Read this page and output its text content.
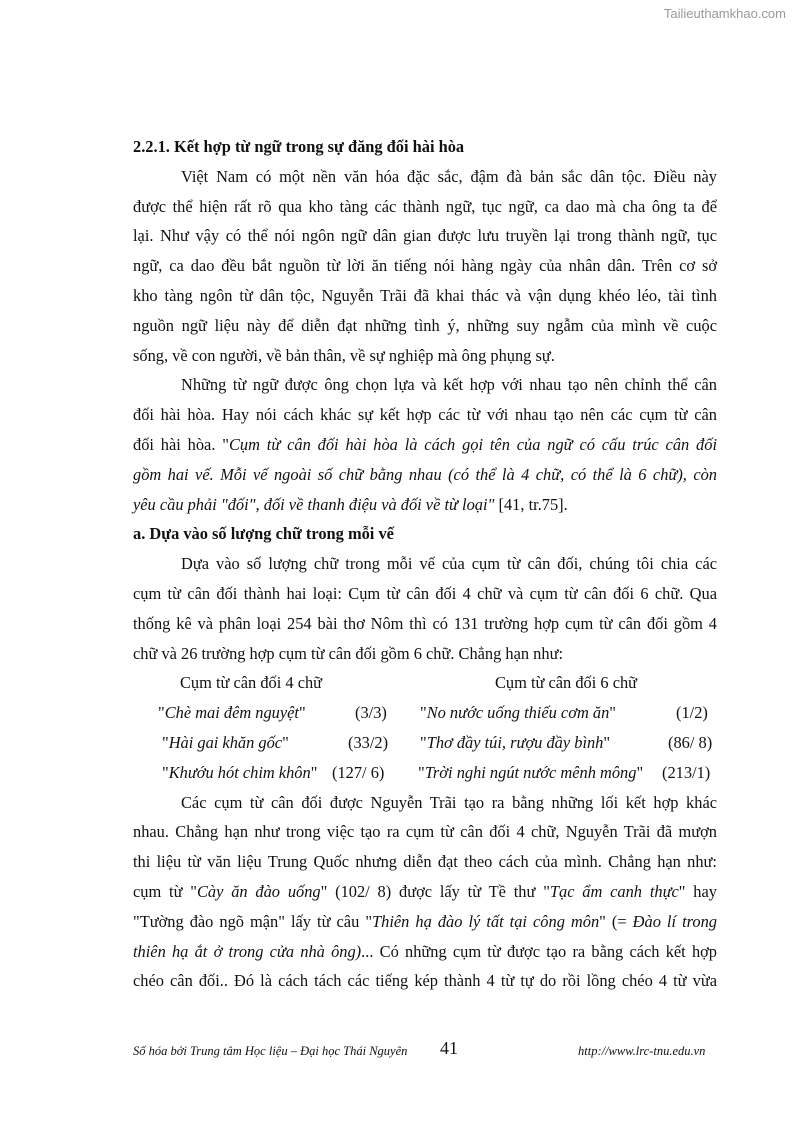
Tailieuthamkhao.com
2.2.1. Kết hợp từ ngữ trong sự đăng đối hài hòa
Việt Nam có một nền văn hóa đặc sắc, đậm đà bản sắc dân tộc. Điều này
được thể hiện rất rõ qua kho tàng các thành ngữ, tục ngữ, ca dao mà cha ông ta để
lại. Như vậy có thể nói ngôn ngữ dân gian được lưu truyền lại trong thành ngữ, tục
ngữ, ca dao đều bắt nguồn từ lời ăn tiếng nói hàng ngày của nhân dân. Trên cơ sở
kho tàng ngôn từ dân tộc, Nguyễn Trãi đã khai thác và vận dụng khéo léo, tài tình
nguồn ngữ liệu này để diễn đạt những tình ý, những suy ngẫm của mình về cuộc
sống, về con người, về bản thân, về sự nghiệp mà ông phụng sự.
Những từ ngữ được ông chọn lựa và kết hợp với nhau tạo nên chỉnh thể cân
đối hài hòa. Hay nói cách khác sự kết hợp các từ với nhau tạo nên các cụm từ cân
đối hài hòa. "Cụm từ cân đối hài hòa là cách gọi tên của ngữ có cấu trúc cân đối
gồm hai vế. Mỗi vế ngoài số chữ bằng nhau (có thể là 4 chữ, có thể là 6 chữ), còn
yêu cầu phải "đối", đối về thanh điệu và đối về từ loại" [41, tr.75].
a. Dựa vào số lượng chữ trong mỗi vế
Dựa vào số lượng chữ trong mỗi vế của cụm từ cân đối, chúng tôi chia các
cụm từ cân đối thành hai loại: Cụm từ cân đối 4 chữ và cụm từ cân đối 6 chữ. Qua
thống kê và phân loại 254 bài thơ Nôm thì có 131 trường hợp cụm từ cân đối gồm 4
chữ và 26 trường hợp cụm từ cân đối gồm 6 chữ. Chẳng hạn như:
Cụm từ cân đối 4 chữ	Cụm từ cân đối 6 chữ
"Chè mai đêm nguyệt"	(3/3) "No nước uống thiếu cơm ăn"	(1/2)
"Hài gai khăn gốc"	(33/2) "Thơ đầy túi, rượu đầy bình"	(86/ 8)
"Khướu hót chim khôn" (127/ 6) "Trời nghi ngút nước mênh mông" (213/1)
Các cụm từ cân đối được Nguyễn Trãi tạo ra bằng những lối kết hợp khác
nhau. Chẳng hạn như trong việc tạo ra cụm từ cân đối 4 chữ, Nguyễn Trãi đã mượn
thi liệu từ văn liệu Trung Quốc nhưng diễn đạt theo cách của mình. Chẳng hạn như:
cụm từ "Cày ăn đào uống" (102/ 8) được lấy từ Tề thư "Tạc ẩm canh thực" hay
"Tường đào ngõ mận" lấy từ câu "Thiên hạ đào lý tất tại công môn" (= Đào lí trong
thiên hạ ắt ở trong cửa nhà ông)... Có những cụm từ được tạo ra bằng cách kết hợp
chéo cân đối.. Đó là cách tách các tiếng kép thành 4 từ tự do rồi lồng chéo 4 từ vừa
Số hóa bởi Trung tâm Học liệu – Đại học Thái Nguyên 41	http://www.lrc-tnu.edu.vn
